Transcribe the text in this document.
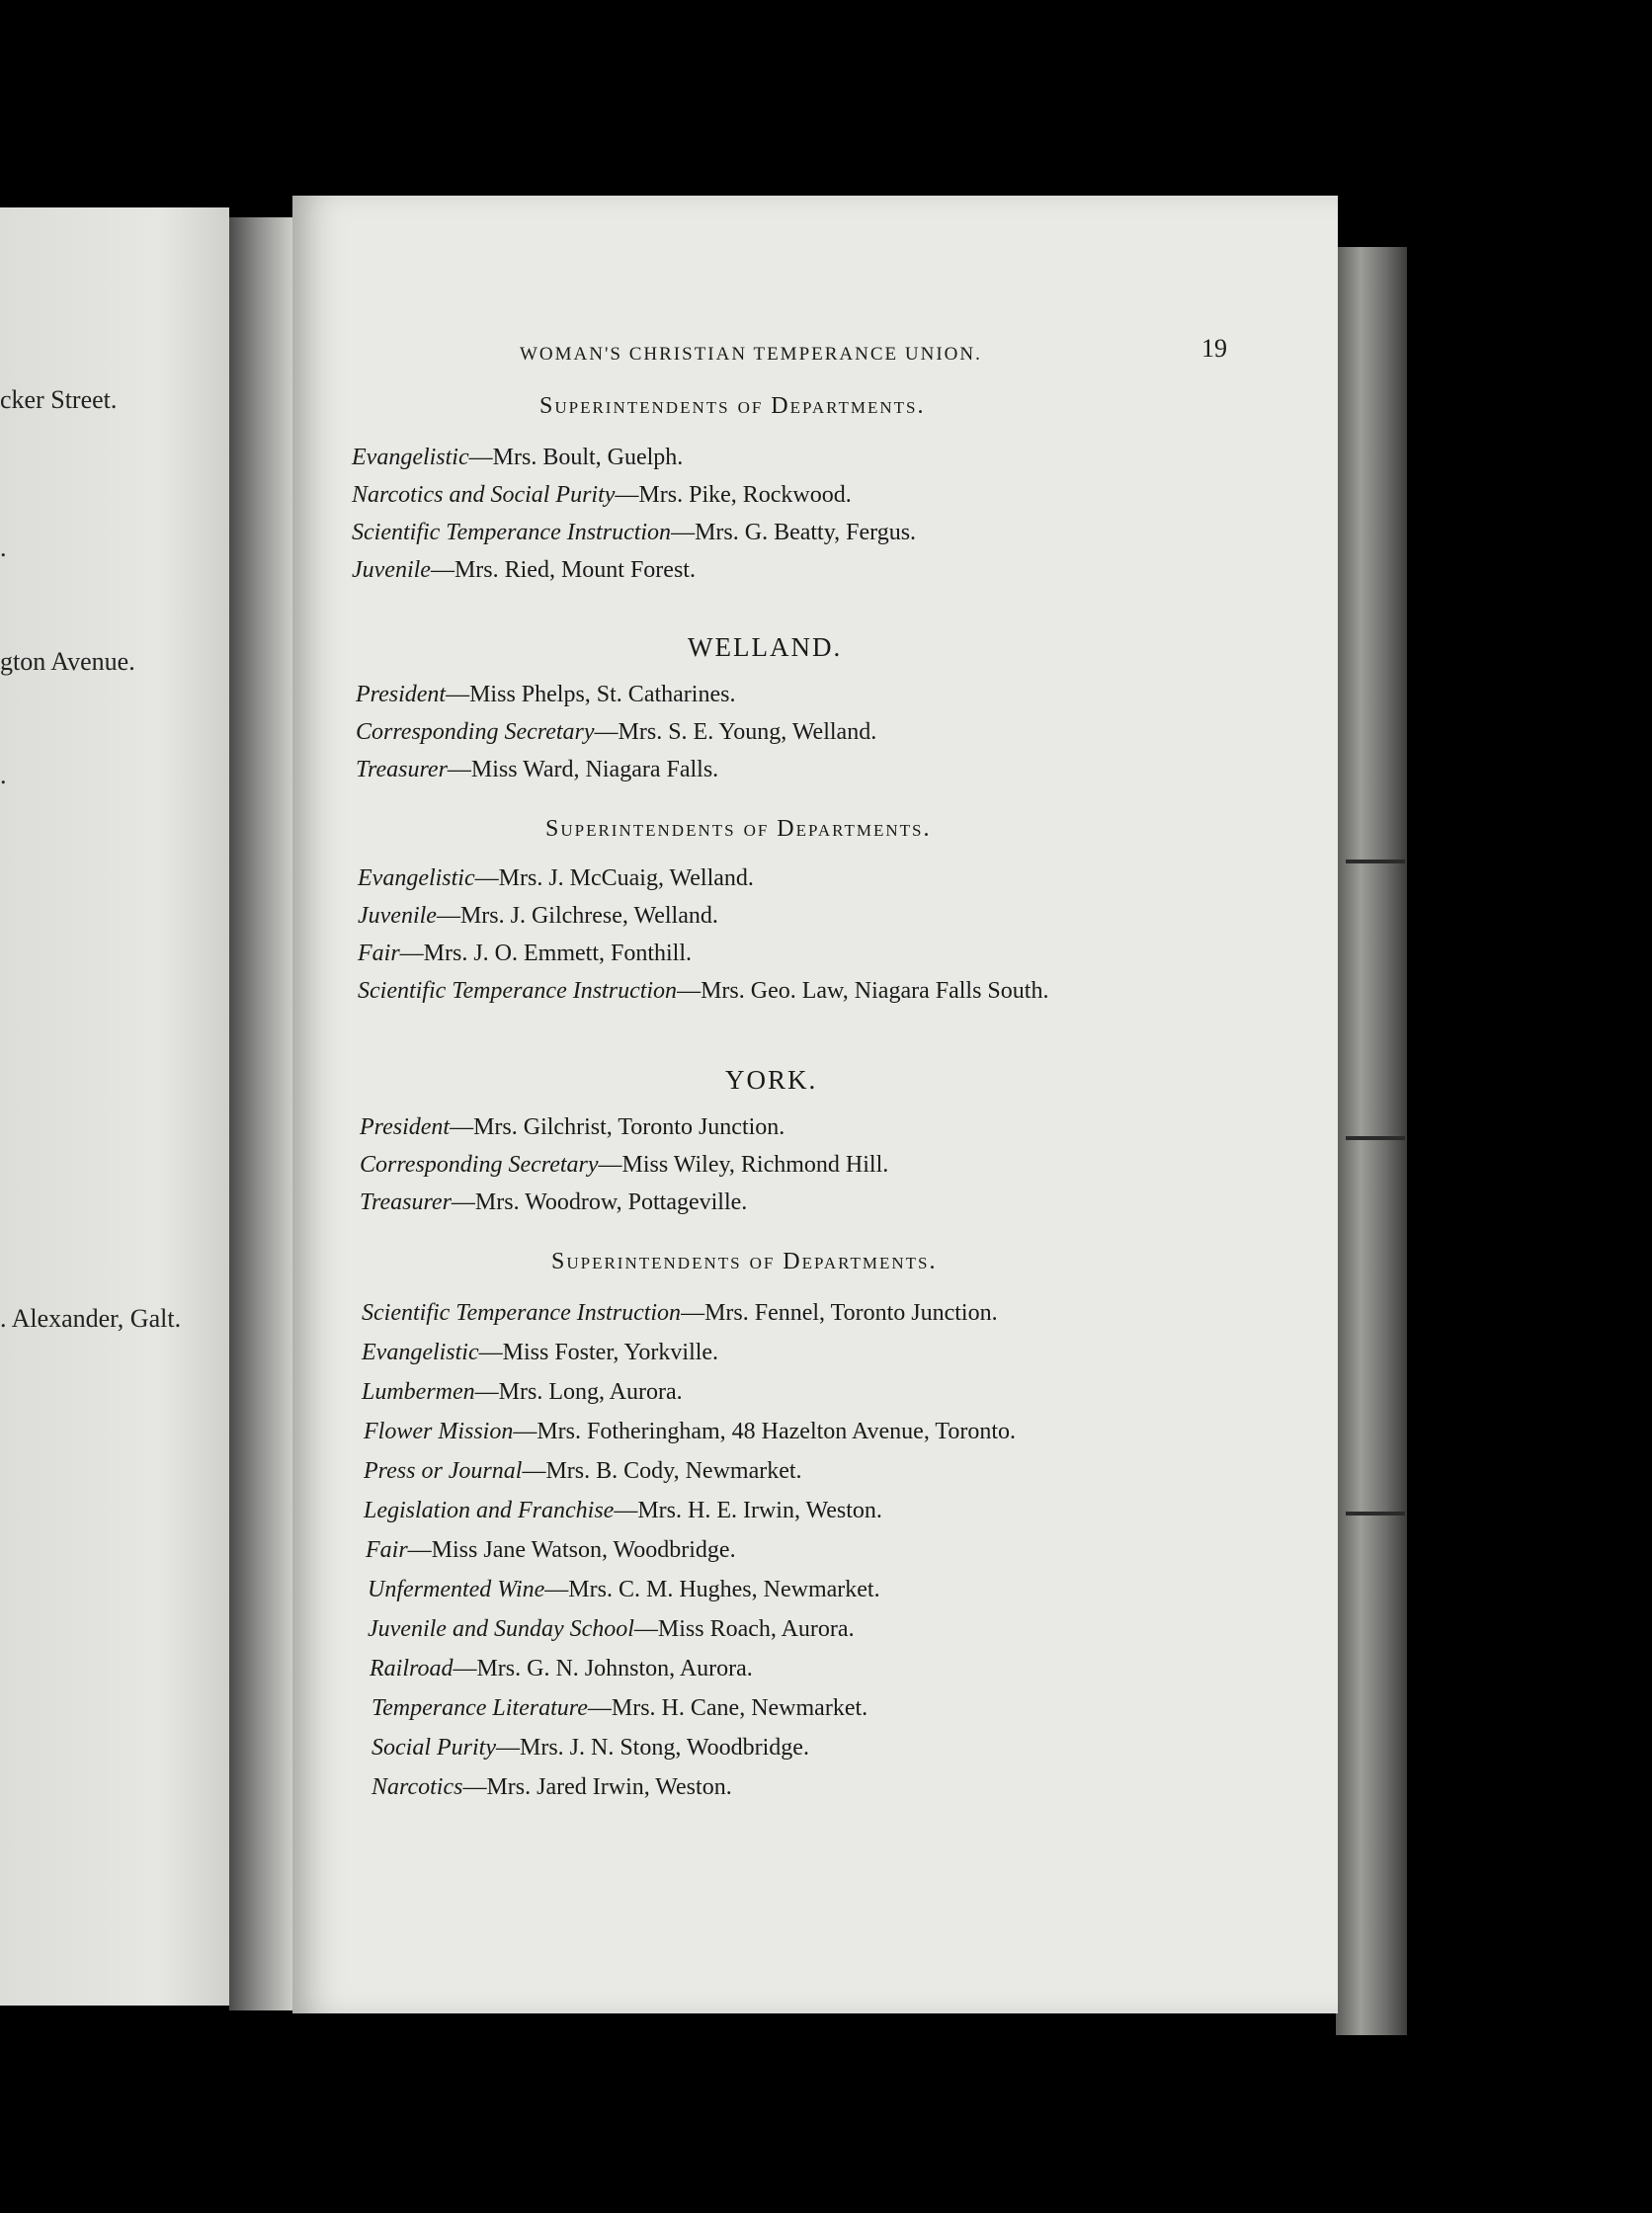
cker Street.
.
gton Avenue.
.
. Alexander, Galt.
WOMAN'S CHRISTIAN TEMPERANCE UNION.	19
Superintendents of Departments.
Evangelistic—Mrs. Boult, Guelph.
Narcotics and Social Purity—Mrs. Pike, Rockwood.
Scientific Temperance Instruction—Mrs. G. Beatty, Fergus.
Juvenile—Mrs. Ried, Mount Forest.
WELLAND.
President—Miss Phelps, St. Catharines.
Corresponding Secretary—Mrs. S. E. Young, Welland.
Treasurer—Miss Ward, Niagara Falls.
Superintendents of Departments.
Evangelistic—Mrs. J. McCuaig, Welland.
Juvenile—Mrs. J. Gilchrese, Welland.
Fair—Mrs. J. O. Emmett, Fonthill.
Scientific Temperance Instruction—Mrs. Geo. Law, Niagara Falls South.
YORK.
President—Mrs. Gilchrist, Toronto Junction.
Corresponding Secretary—Miss Wiley, Richmond Hill.
Treasurer—Mrs. Woodrow, Pottageville.
Superintendents of Departments.
Scientific Temperance Instruction—Mrs. Fennel, Toronto Junction.
Evangelistic—Miss Foster, Yorkville.
Lumbermen—Mrs. Long, Aurora.
Flower Mission—Mrs. Fotheringham, 48 Hazelton Avenue, Toronto.
Press or Journal—Mrs. B. Cody, Newmarket.
Legislation and Franchise—Mrs. H. E. Irwin, Weston.
Fair—Miss Jane Watson, Woodbridge.
Unfermented Wine—Mrs. C. M. Hughes, Newmarket.
Juvenile and Sunday School—Miss Roach, Aurora.
Railroad—Mrs. G. N. Johnston, Aurora.
Temperance Literature—Mrs. H. Cane, Newmarket.
Social Purity—Mrs. J. N. Stong, Woodbridge.
Narcotics—Mrs. Jared Irwin, Weston.
